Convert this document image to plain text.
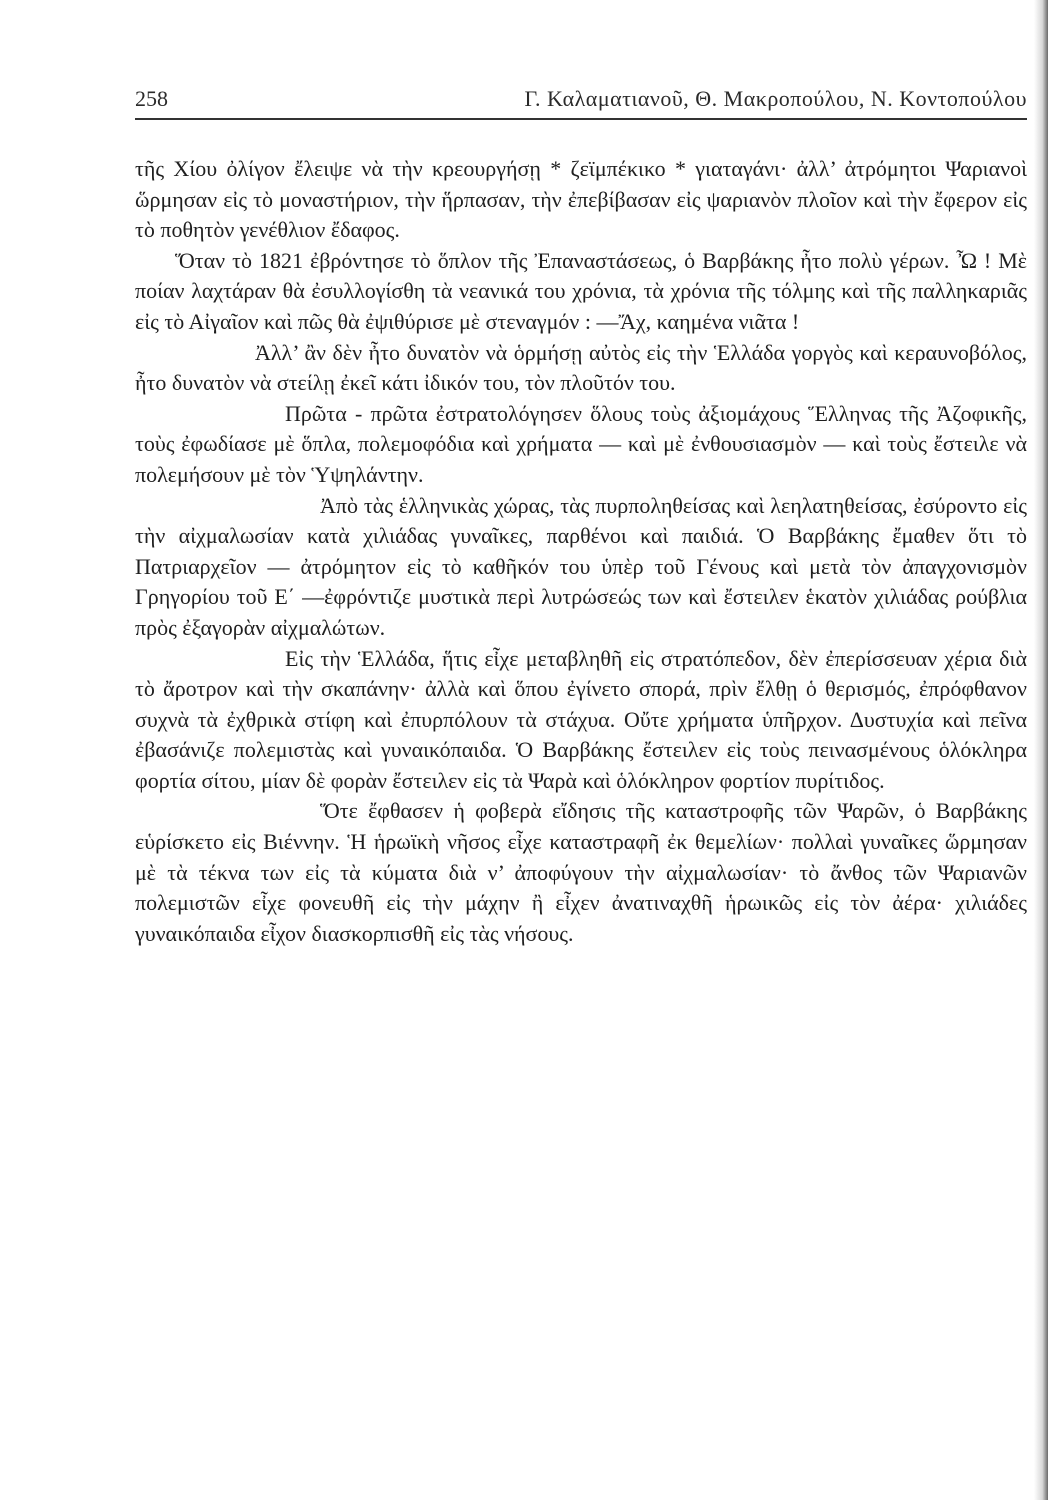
258	Γ. Καλαματιανοῦ, Θ. Μακροπούλου, Ν. Κοντοπούλου

τῆς Χίου ὀλίγον ἔλειψε νὰ τὴν κρεουργήσῃ * ζεϊμπέκικο * γιαταγάνι· ἀλλ’ ἀτρόμητοι Ψαριανοὶ ὥρμησαν εἰς τὸ μοναστήριον, τὴν ἥρπασαν, τὴν ἐπεβίβασαν εἰς ψαριανὸν πλοῖον καὶ τὴν ἔφερον εἰς τὸ ποθητὸν γενέθλιον ἔδαφος.

Ὅταν τὸ 1821 ἐβρόντησε τὸ ὅπλον τῆς Ἐπαναστάσεως, ὁ Βαρβάκης ἦτο πολὺ γέρων. Ὦ ! Μὲ ποίαν λαχτάραν θὰ ἐσυλλογίσθη τὰ νεανικά του χρόνια, τὰ χρόνια τῆς τόλμης καὶ τῆς παλληκαριᾶς εἰς τὸ Αἰγαῖον καὶ πῶς θὰ ἐψιθύρισε μὲ στεναγμόν : —Ἄχ, καημένα νιᾶτα !

Ἀλλ’ ἂν δὲν ἦτο δυνατὸν νὰ ὁρμήσῃ αὐτὸς εἰς τὴν Ἑλλάδα γοργὸς καὶ κεραυνοβόλος, ἦτο δυνατὸν νὰ στείλῃ ἐκεῖ κάτι ἰδικόν του, τὸν πλοῦτόν του.

Πρῶτα - πρῶτα ἐστρατολόγησεν ὅλους τοὺς ἀξιομάχους Ἕλληνας τῆς Ἀζοφικῆς, τοὺς ἐφωδίασε μὲ ὅπλα, πολεμοφόδια καὶ χρήματα — καὶ μὲ ἐνθουσιασμὸν — καὶ τοὺς ἔστειλε νὰ πολεμήσουν μὲ τὸν Ὑψηλάντην.

Ἀπὸ τὰς ἑλληνικὰς χώρας, τὰς πυρποληθείσας καὶ λεηλατηθείσας, ἐσύροντο εἰς τὴν αἰχμαλωσίαν κατὰ χιλιάδας γυναῖκες, παρθένοι καὶ παιδιά. Ὁ Βαρβάκης ἔμαθεν ὅτι τὸ Πατριαρχεῖον — ἀτρόμητον εἰς τὸ καθῆκόν του ὑπὲρ τοῦ Γένους καὶ μετὰ τὸν ἀπαγχονισμὸν Γρηγορίου τοῦ Ε΄ —ἐφρόντιζε μυστικὰ περὶ λυτρώσεώς των καὶ ἔστειλεν ἑκατὸν χιλιάδας ρούβλια πρὸς ἐξαγορὰν αἰχμαλώτων.

Εἰς τὴν Ἑλλάδα, ἥτις εἶχε μεταβληθῆ εἰς στρατόπεδον, δὲν ἐπερίσσευαν χέρια διὰ τὸ ἄροτρον καὶ τὴν σκαπάνην· ἀλλὰ καὶ ὅπου ἐγίνετο σπορά, πρὶν ἔλθῃ ὁ θερισμός, ἐπρόφθανον συχνὰ τὰ ἐχθρικὰ στίφη καὶ ἐπυρπόλουν τὰ στάχυα. Οὔτε χρήματα ὑπῆρχον. Δυστυχία καὶ πεῖνα ἐβασάνιζε πολεμιστὰς καὶ γυναικόπαιδα. Ὁ Βαρβάκης ἔστειλεν εἰς τοὺς πεινασμένους ὁλόκληρα φορτία σίτου, μίαν δὲ φορὰν ἔστειλεν εἰς τὰ Ψαρὰ καὶ ὁλόκληρον φορτίον πυρίτιδος.

Ὅτε ἔφθασεν ἡ φοβερὰ εἴδησις τῆς καταστροφῆς τῶν Ψαρῶν, ὁ Βαρβάκης εὑρίσκετο εἰς Βιέννην. Ἡ ἡρωϊκὴ νῆσος εἶχε καταστραφῆ ἐκ θεμελίων· πολλαὶ γυναῖκες ὥρμησαν μὲ τὰ τέκνα των εἰς τὰ κύματα διὰ ν’ ἀποφύγουν τὴν αἰχμαλωσίαν· τὸ ἄνθος τῶν Ψαριανῶν πολεμιστῶν εἶχε φονευθῆ εἰς τὴν μάχην ἢ εἶχεν ἀνατιναχθῆ ἡρωικῶς εἰς τὸν ἀέρα· χιλιάδες γυναικόπαιδα εἶχον διασκορπισθῆ εἰς τὰς νήσους.
